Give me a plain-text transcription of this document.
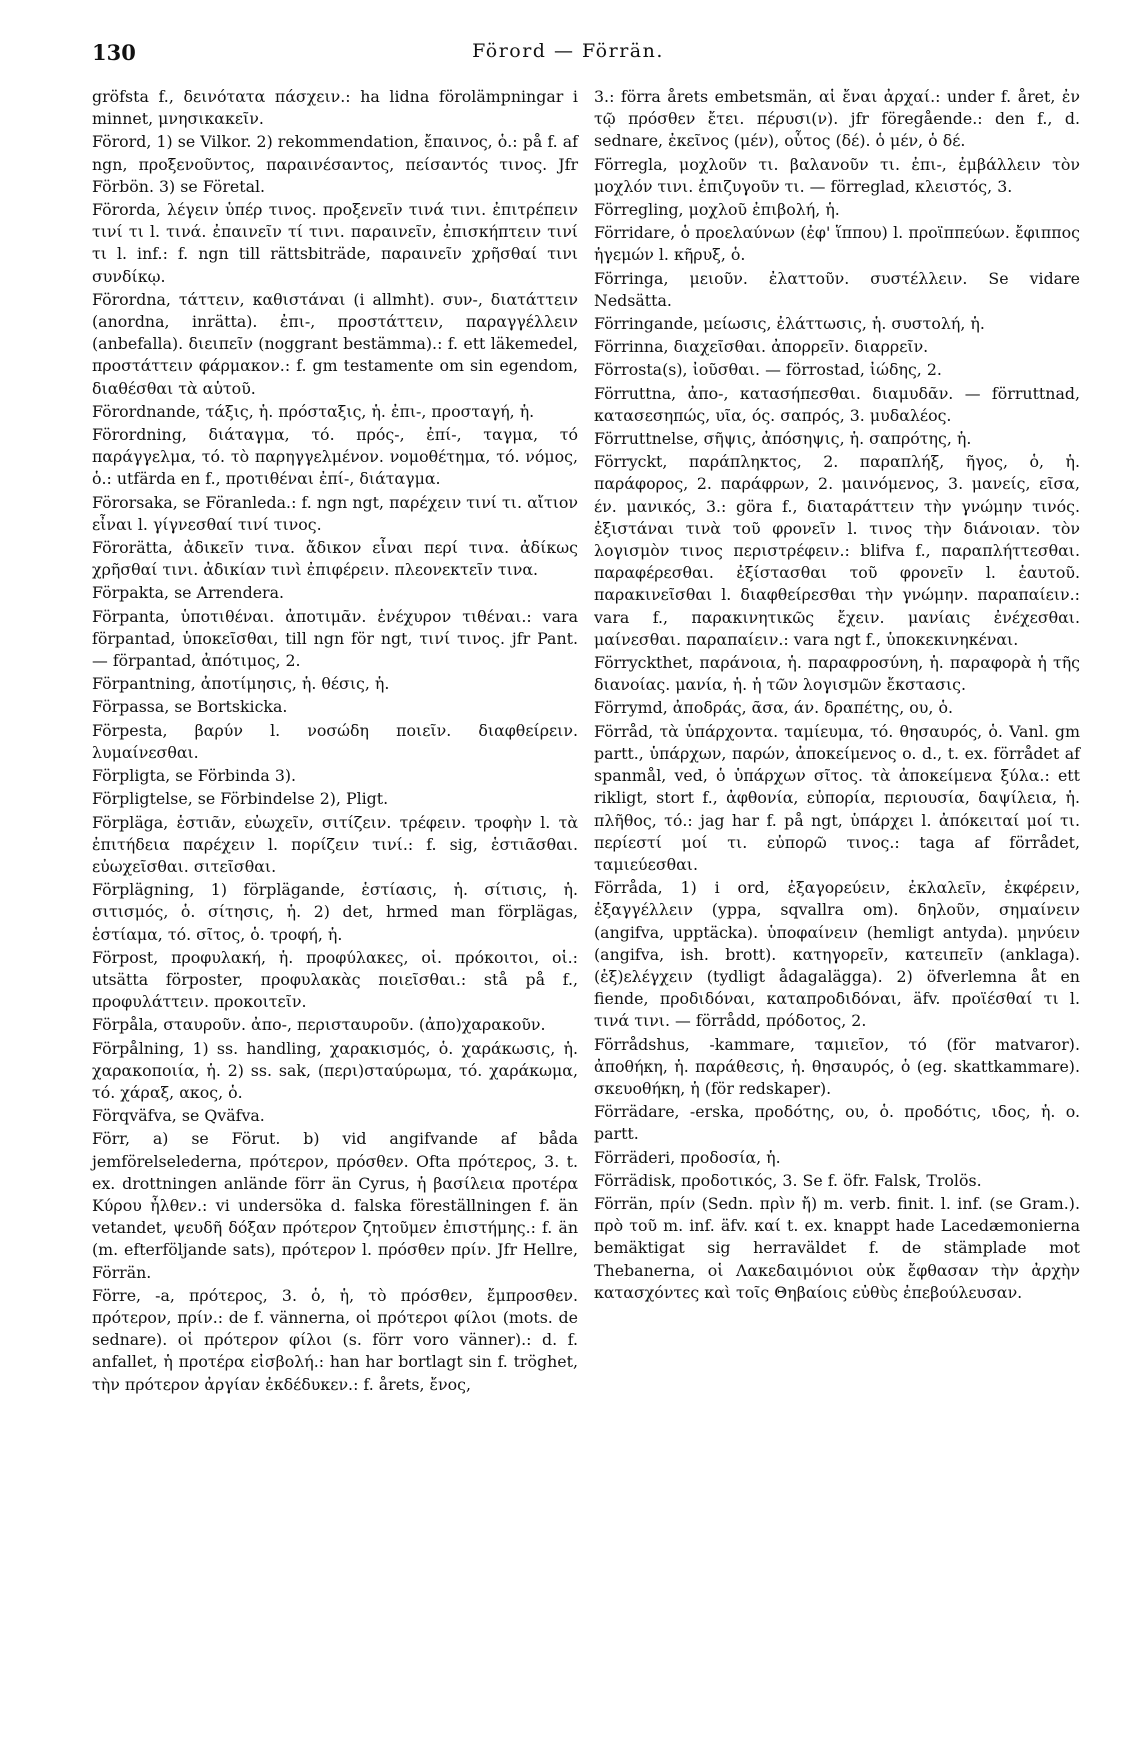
130	Förord — Förrän.

gröfsta f., δεινότατα πάσχειν.: ha lidna förolämpningar i minnet, μνησικακεῖν.

Förord, 1) se Vilkor. 2) rekommendation, ἔπαινος, ὁ.: på f. af ngn, προξενοῦντος, παραινέσαντος, πείσαντός τινος. Jfr Förbön. 3) se Företal.

Förorda, λέγειν ὑπέρ τινος. προξενεῖν τινά τινι. ἐπιτρέπειν τινί τι l. τινά. ἐπαινεῖν τί τινι. παραινεῖν, ἐπισκήπτειν τινί τι l. inf.: f. ngn till rättsbiträde, παραινεῖν χρῆσθαί τινι συνδίκῳ.

Förordna, τάττειν, καθιστάναι (i allmht). συν-, διατάττειν (anordna, inrätta). ἐπι-, προστάττειν, παραγγέλλειν (anbefalla). διειπεῖν (noggrant bestämma).: f. ett läkemedel, προστάττειν φάρμακον.: f. gm testamente om sin egendom, διαθέσθαι τὰ αὑτοῦ.

Förordnande, τάξις, ἡ. πρόσταξις, ἡ. ἐπι-, προσταγή, ἡ.

Förordning, διάταγμα, τό. πρός-, ἐπί-, ταγμα, τό παράγγελμα, τό. τὸ παρηγγελμένον. νομοθέτημα, τό. νόμος, ὁ.: utfärda en f., προτιθέναι ἐπί-, διάταγμα.

Förorsaka, se Föranleda.: f. ngn ngt, παρέχειν τινί τι. αἴτιον εἶναι l. γίγνεσθαί τινί τινος.

Förorätta, ἀδικεῖν τινα. ἄδικον εἶναι περί τινα. ἀδίκως χρῆσθαί τινι. ἀδικίαν τινὶ ἐπιφέρειν. πλεονεκτεῖν τινα.

Förpakta, se Arrendera.

Förpanta, ὑποτιθέναι. ἀποτιμᾶν. ἐνέχυρον τιθέναι.: vara förpantad, ὑποκεῖσθαι, till ngn för ngt, τινί τινος. jfr Pant. — förpantad, ἀπότιμος, 2.

Förpantning, ἀποτίμησις, ἡ. θέσις, ἡ.

Förpassa, se Bortskicka.

Förpesta, βαρύν l. νοσώδη ποιεῖν. διαφθείρειν. λυμαίνεσθαι.

Förpligta, se Förbinda 3).

Förpligtelse, se Förbindelse 2), Pligt.

Förpläga, ἑστιᾶν, εὐωχεῖν, σιτίζειν. τρέφειν. τροφὴν l. τὰ ἐπιτήδεια παρέχειν l. πορίζειν τινί.: f. sig, ἑστιᾶσθαι. εὐωχεῖσθαι. σιτεῖσθαι.

Förplägning, 1) förplägande, ἑστίασις, ἡ. σίτισις, ἡ. σιτισμός, ὁ. σίτησις, ἡ. 2) det, hrmed man förplägas, ἑστίαμα, τό. σῖτος, ὁ. τροφή, ἡ.

Förpost, προφυλακή, ἡ. προφύλακες, οἱ. πρόκοιτοι, οἱ.: utsätta förposter, προφυλακὰς ποιεῖσθαι.: stå på f., προφυλάττειν. προκοιτεῖν.

Förpåla, σταυροῦν. ἀπο-, περισταυροῦν. (ἀπο)χαρακοῦν.

Förpålning, 1) ss. handling, χαρακισμός, ὁ. χαράκωσις, ἡ. χαρακοποιία, ἡ. 2) ss. sak, (περι)σταύρωμα, τό. χαράκωμα, τό. χάραξ, ακος, ὁ.

Förqväfva, se Qväfva.

Förr, a) se Förut. b) vid angifvande af båda jemförelselederna, πρότερον, πρόσθεν. Ofta πρότερος, 3. t. ex. drottningen anlände förr än Cyrus, ἡ βασίλεια προτέρα Κύρου ἦλθεν.: vi undersöka d. falska föreställningen f. än vetandet, ψευδῆ δόξαν πρότερον ζητοῦμεν ἐπιστήμης.: f. än (m. efterföljande sats), πρότερον l. πρόσθεν πρίν. Jfr Hellre, Förrän.

Förre, -a, πρότερος, 3. ὁ, ἡ, τὸ πρόσθεν, ἔμπροσθεν. πρότερον, πρίν.: de f. vännerna, οἱ πρότεροι φίλοι (mots. de sednare). οἱ πρότερον φίλοι (s. förr voro vänner).: d. f. anfallet, ἡ προτέρα εἰσβολή.: han har bortlagt sin f. tröghet, τὴν πρότερον ἀργίαν ἐκδέδυκεν.: f. årets, ἔνος,

3.: förra årets embetsmän, αἱ ἔναι ἀρχαί.: under f. året, ἐν τῷ πρόσθεν ἔτει. πέρυσι(ν). jfr föregående.: den f., d. sednare, ἐκεῖνος (μέν), οὗτος (δέ). ὁ μέν, ὁ δέ.

Förregla, μοχλοῦν τι. βαλανοῦν τι. ἐπι-, ἐμβάλλειν τὸν μοχλόν τινι. ἐπιζυγοῦν τι. — förreglad, κλειστός, 3.

Förregling, μοχλοῦ ἐπιβολή, ἡ.

Förridare, ὁ προελαύνων (ἐφ' ἵππου) l. προϊππεύων. ἔφιππος ἡγεμών l. κῆρυξ, ὁ.

Förringa, μειοῦν. ἐλαττοῦν. συστέλλειν. Se vidare Nedsätta.

Förringande, μείωσις, ἐλάττωσις, ἡ. συστολή, ἡ.

Förrinna, διαχεῖσθαι. ἀπορρεῖν. διαρρεῖν.

Förrosta(s), ἰοῦσθαι. — förrostad, ἰώδης, 2.

Förruttna, ἀπο-, κατασήπεσθαι. διαμυδᾶν. — förruttnad, κατασεσηπώς, υῖα, ός. σαπρός, 3. μυδαλέος.

Förruttnelse, σῆψις, ἀπόσηψις, ἡ. σαπρότης, ἡ.

Förryckt, παράπληκτος, 2. παραπλήξ, ῆγος, ὁ, ἡ. παράφορος, 2. παράφρων, 2. μαινόμενος, 3. μανείς, εῖσα, έν. μανικός, 3.: göra f., διαταράττειν τὴν γνώμην τινός. ἐξιστάναι τινὰ τοῦ φρονεῖν l. τινος τὴν διάνοιαν. τὸν λογισμὸν τινος περιστρέφειν.: blifva f., παραπλήττεσθαι. παραφέρεσθαι. ἐξίστασθαι τοῦ φρονεῖν l. ἑαυτοῦ. παρακινεῖσθαι l. διαφθείρεσθαι τὴν γνώμην. παραπαίειν.: vara f., παρακινητικῶς ἔχειν. μανίαις ἐνέχεσθαι. μαίνεσθαι. παραπαίειν.: vara ngt f., ὑποκεκινηκέναι.

Förryckthet, παράνοια, ἡ. παραφροσύνη, ἡ. παραφορὰ ἡ τῆς διανοίας. μανία, ἡ. ἡ τῶν λογισμῶν ἔκστασις.

Förrymd, ἀποδράς, ᾶσα, άν. δραπέτης, ου, ὁ.

Förråd, τὰ ὑπάρχοντα. ταμίευμα, τό. θησαυρός, ὁ. Vanl. gm partt., ὑπάρχων, παρών, ἀποκείμενος o. d., t. ex. förrådet af spanmål, ved, ὁ ὑπάρχων σῖτος. τὰ ἀποκείμενα ξύλα.: ett rikligt, stort f., ἀφθονία, εὐπορία, περιουσία, δαψίλεια, ἡ. πλῆθος, τό.: jag har f. på ngt, ὑπάρχει l. ἀπόκειταί μοί τι. περίεστί μοί τι. εὐπορῶ τινος.: taga af förrådet, ταμιεύεσθαι.

Förråda, 1) i ord, ἐξαγορεύειν, ἐκλαλεῖν, ἐκφέρειν, ἐξαγγέλλειν (yppa, sqvallra om). δηλοῦν, σημαίνειν (angifva, upptäcka). ὑποφαίνειν (hemligt antyda). μηνύειν (angifva, ish. brott). κατηγορεῖν, κατειπεῖν (anklaga). (ἐξ)ελέγχειν (tydligt ådagalägga). 2) öfverlemna åt en fiende, προδιδόναι, καταπροδιδόναι, äfv. προϊέσθαί τι l. τινά τινι. — förrådd, πρόδοτος, 2.

Förrådshus, -kammare, ταμιεῖον, τό (för matvaror). ἀποθήκη, ἡ. παράθεσις, ἡ. θησαυρός, ὁ (eg. skattkammare). σκευοθήκη, ἡ (för redskaper).

Förrädare, -erska, προδότης, ου, ὁ. προδότις, ιδος, ἡ. o. partt.

Förräderi, προδοσία, ἡ.

Förrädisk, προδοτικός, 3. Se f. öfr. Falsk, Trolös.

Förrän, πρίν (Sedn. πρὶν ἤ) m. verb. finit. l. inf. (se Gram.). πρὸ τοῦ m. inf. äfv. καί t. ex. knappt hade Lacedæmonierna bemäktigat sig herraväldet f. de stämplade mot Thebanerna, οἱ Λακεδαιμόνιοι οὐκ ἔφθασαν τὴν ἀρχὴν κατασχόντες καὶ τοῖς Θηβαίοις εὐθὺς ἐπεβούλευσαν.
